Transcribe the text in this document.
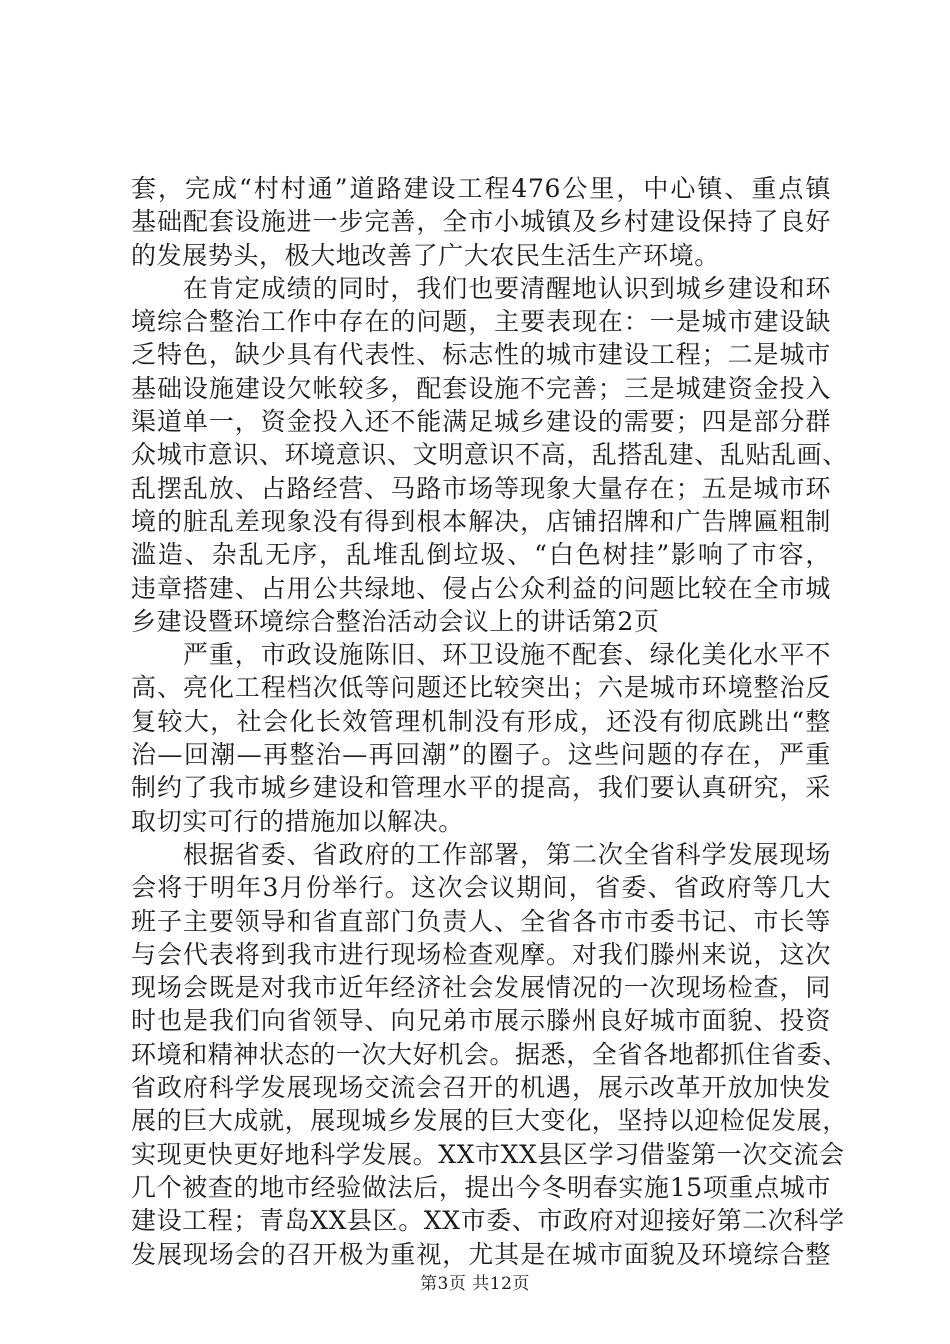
套，完成“村村通”道路建设工程476公里，中心镇、重点镇
基础配套设施进一步完善，全市小城镇及乡村建设保持了良好
的发展势头，极大地改善了广大农民生活生产环境。
　　在肯定成绩的同时，我们也要清醒地认识到城乡建设和环
境综合整治工作中存在的问题，主要表现在：一是城市建设缺
乏特色，缺少具有代表性、标志性的城市建设工程；二是城市
基础设施建设欠帐较多，配套设施不完善；三是城建资金投入
渠道单一，资金投入还不能满足城乡建设的需要；四是部分群
众城市意识、环境意识、文明意识不高，乱搭乱建、乱贴乱画、
乱摆乱放、占路经营、马路市场等现象大量存在；五是城市环
境的脏乱差现象没有得到根本解决，店铺招牌和广告牌匾粗制
滥造、杂乱无序，乱堆乱倒垃圾、“白色树挂”影响了市容，
违章搭建、占用公共绿地、侵占公众利益的问题比较在全市城
乡建设暨环境综合整治活动会议上的讲话第2页
　　严重，市政设施陈旧、环卫设施不配套、绿化美化水平不
高、亮化工程档次低等问题还比较突出；六是城市环境整治反
复较大，社会化长效管理机制没有形成，还没有彻底跳出“整
治—回潮—再整治—再回潮”的圈子。这些问题的存在，严重
制约了我市城乡建设和管理水平的提高，我们要认真研究，采
取切实可行的措施加以解决。
　　根据省委、省政府的工作部署，第二次全省科学发展现场
会将于明年3月份举行。这次会议期间，省委、省政府等几大
班子主要领导和省直部门负责人、全省各市市委书记、市长等
与会代表将到我市进行现场检查观摩。对我们滕州来说，这次
现场会既是对我市近年经济社会发展情况的一次现场检查，同
时也是我们向省领导、向兄弟市展示滕州良好城市面貌、投资
环境和精神状态的一次大好机会。据悉，全省各地都抓住省委、
省政府科学发展现场交流会召开的机遇，展示改革开放加快发
展的巨大成就，展现城乡发展的巨大变化，坚持以迎检促发展，
实现更快更好地科学发展。XX市XX县区学习借鉴第一次交流会
几个被查的地市经验做法后，提出今冬明春实施15项重点城市
建设工程；青岛XX县区。XX市委、市政府对迎接好第二次科学
发展现场会的召开极为重视，尤其是在城市面貌及环境综合整
第3页 共12页
